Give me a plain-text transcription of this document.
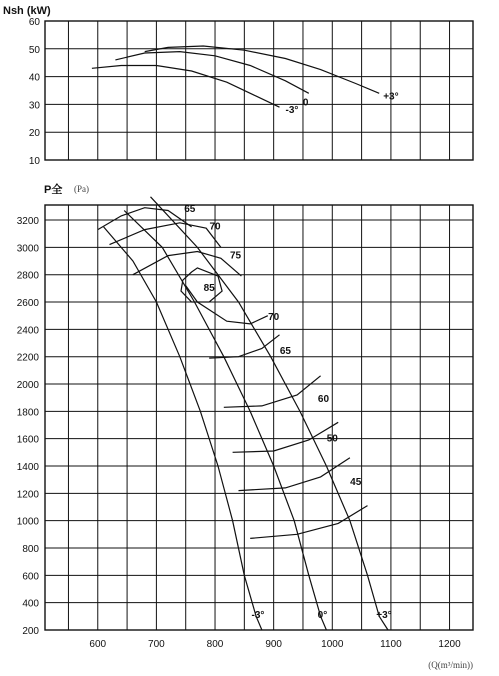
60
50
40
30
20
10
Nsh (kW)
+3°
0
-3°
3200
3000
2800
2600
2400
2200
2000
1800
1600
1400
1200
1000
800
600
400
200
600	700	800	900	1000	1100	1200
P全 (Pa)
(Q(m³/min))
-3°	0°	+3°
65
70
75
85
70
65
60
50
45
